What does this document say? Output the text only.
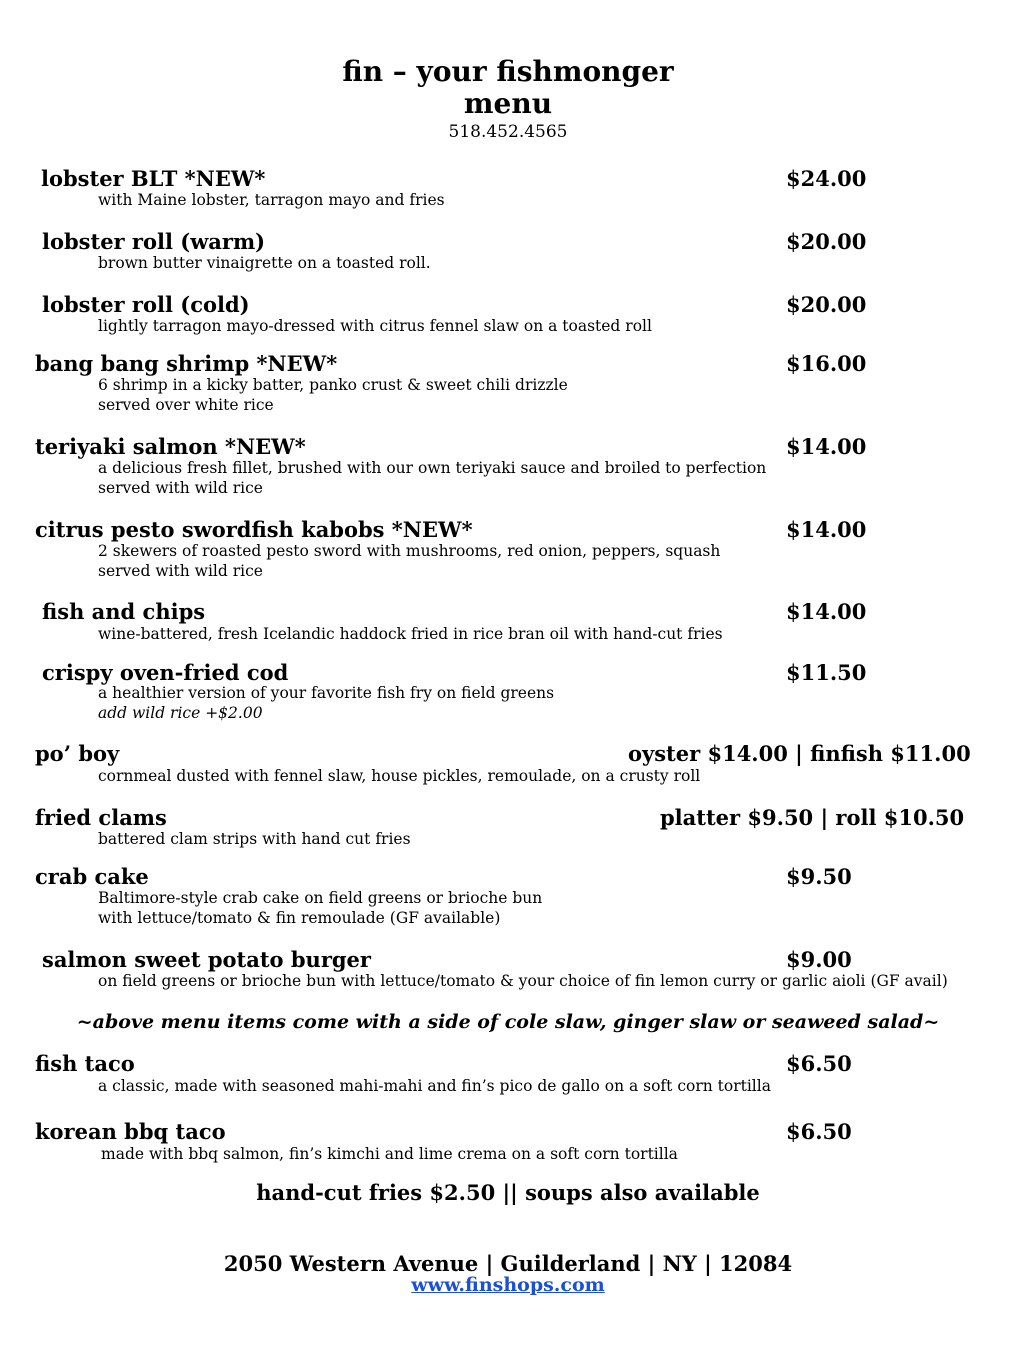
fin – your fishmonger
menu
518.452.4565
lobster BLT *NEW*	$24.00
with Maine lobster, tarragon mayo and fries
lobster roll (warm)	$20.00
brown butter vinaigrette on a toasted roll.
lobster roll (cold)	$20.00
lightly tarragon mayo-dressed with citrus fennel slaw on a toasted roll
bang bang shrimp *NEW*	$16.00
6 shrimp in a kicky batter, panko crust & sweet chili drizzle
served over white rice
teriyaki salmon *NEW*	$14.00
a delicious fresh fillet, brushed with our own teriyaki sauce and broiled to perfection
served with wild rice
citrus pesto swordfish kabobs *NEW*	$14.00
2 skewers of roasted pesto sword with mushrooms, red onion, peppers, squash
served with wild rice
fish and chips	$14.00
wine-battered, fresh Icelandic haddock fried in rice bran oil with hand-cut fries
crispy oven-fried cod	$11.50
a healthier version of your favorite fish fry on field greens
add wild rice +$2.00
po’ boy	oyster $14.00 | finfish $11.00
cornmeal dusted with fennel slaw, house pickles, remoulade, on a crusty roll
fried clams	platter $9.50 | roll $10.50
battered clam strips with hand cut fries
crab cake	$9.50
Baltimore-style crab cake on field greens or brioche bun
with lettuce/tomato & fin remoulade (GF available)
salmon sweet potato burger	$9.00
on field greens or brioche bun with lettuce/tomato & your choice of fin lemon curry or garlic aioli (GF avail)
~above menu items come with a side of cole slaw, ginger slaw or seaweed salad~
fish taco	$6.50
a classic, made with seasoned mahi-mahi and fin’s pico de gallo on a soft corn tortilla
korean bbq taco	$6.50
made with bbq salmon, fin’s kimchi and lime crema on a soft corn tortilla
hand-cut fries $2.50 || soups also available
2050 Western Avenue | Guilderland | NY | 12084
www.finshops.com
